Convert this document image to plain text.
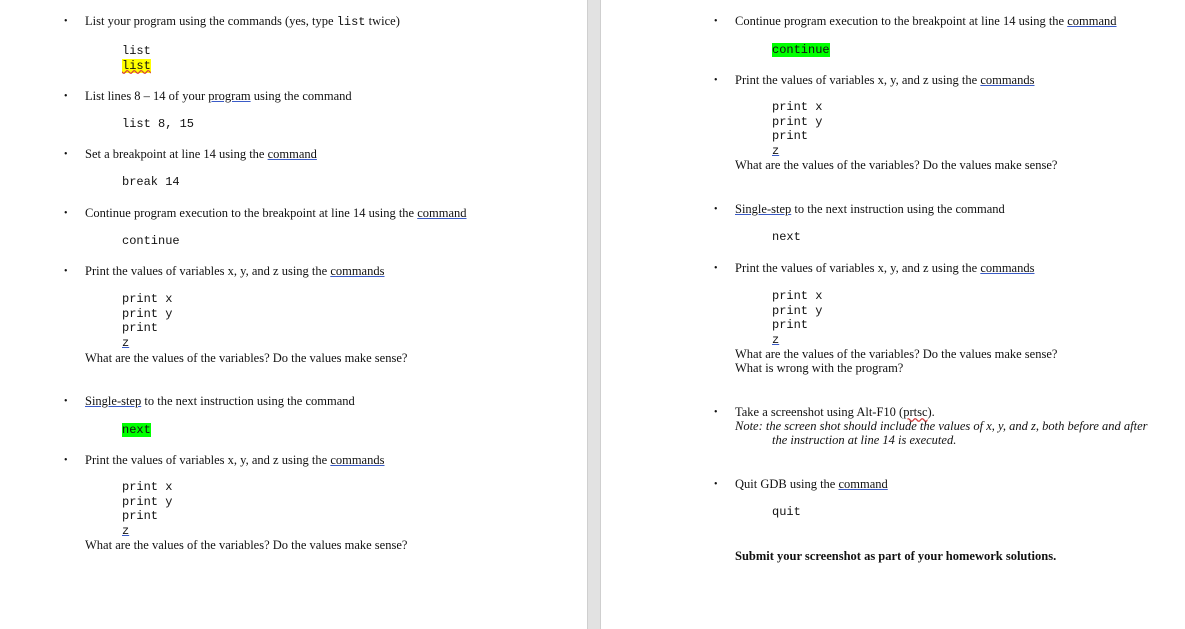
• List your program using the commands (yes, type list twice)
list
list
• List lines 8 – 14 of your program using the command
list 8, 15
• Set a breakpoint at line 14 using the command
break 14
• Continue program execution to the breakpoint at line 14 using the command
continue
• Print the values of variables x, y, and z using the commands
print x
print y
print
z
What are the values of the variables? Do the values make sense?
• Single-step to the next instruction using the command
next
• Print the values of variables x, y, and z using the commands
print x
print y
print
z
What are the values of the variables? Do the values make sense?
• Continue program execution to the breakpoint at line 14 using the command
continue
• Print the values of variables x, y, and z using the commands
print x
print y
print
z
What are the values of the variables? Do the values make sense?
• Single-step to the next instruction using the command
next
• Print the values of variables x, y, and z using the commands
print x
print y
print
z
What are the values of the variables? Do the values make sense?
What is wrong with the program?
• Take a screenshot using Alt-F10 (prtsc).
Note: the screen shot should include the values of x, y, and z, both before and after
the instruction at line 14 is executed.
• Quit GDB using the command
quit
Submit your screenshot as part of your homework solutions.
